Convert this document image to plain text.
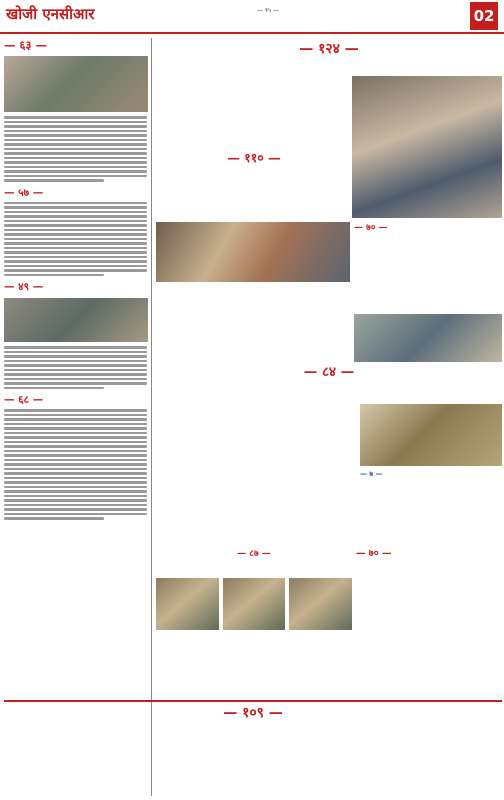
खोजी एनसीआर	— १५ —	02
— ६३ —
— ५७ —
— ४९ —
— ६८ —
— १२४ —
— ११० —
— ७० —
— ८४ —
— ७ —
— ७० —
— ८७ —
— १०९ —
